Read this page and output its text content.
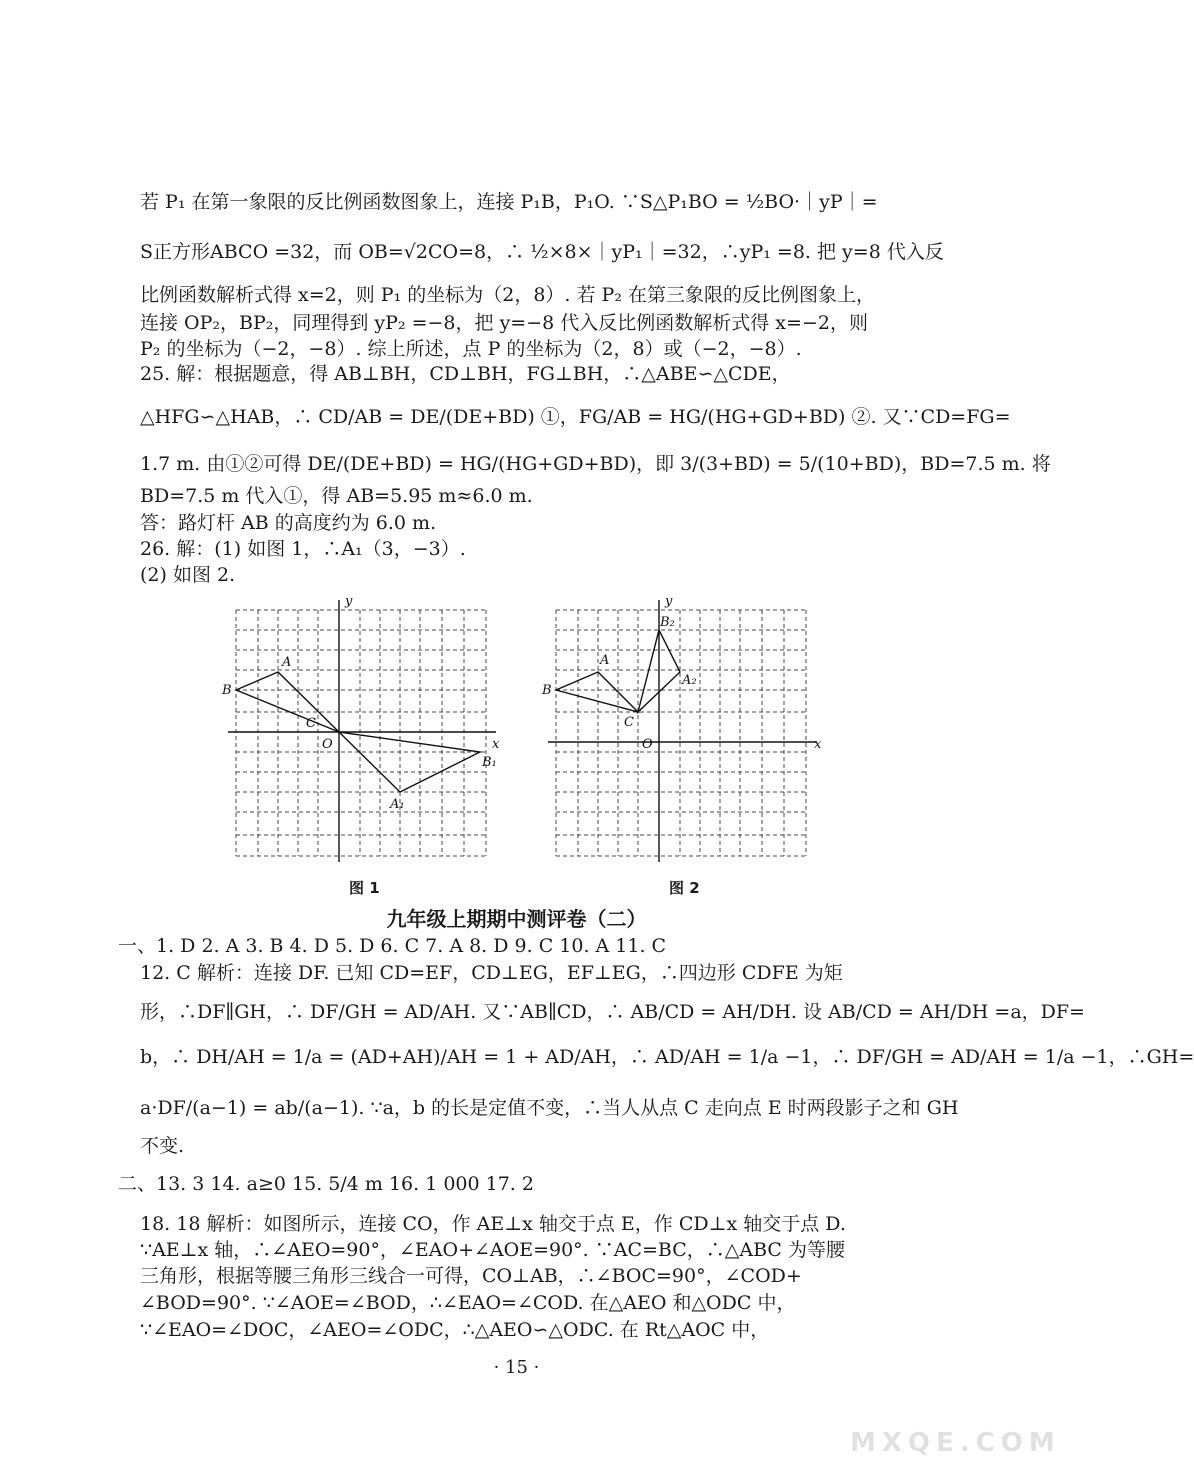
若 P₁ 在第一象限的反比例函数图象上，连接 P₁B，P₁O. ∵S△P₁BO = ½BO·｜yP｜=
S正方形ABCO =32，而 OB=√2CO=8，∴ ½×8×｜yP₁｜=32，∴yP₁ =8. 把 y=8 代入反
比例函数解析式得 x=2，则 P₁ 的坐标为（2，8）. 若 P₂ 在第三象限的反比例图象上，
连接 OP₂，BP₂，同理得到 yP₂ =−8，把 y=−8 代入反比例函数解析式得 x=−2，则
P₂ 的坐标为（−2，−8）. 综上所述，点 P 的坐标为（2，8）或（−2，−8）.
25. 解：根据题意，得 AB⊥BH，CD⊥BH，FG⊥BH，∴△ABE∽△CDE，
△HFG∽△HAB，∴ CD/AB = DE/(DE+BD) ①，FG/AB = HG/(HG+GD+BD) ②. 又∵CD=FG=
1.7 m. 由①②可得 DE/(DE+BD) = HG/(HG+GD+BD)，即 3/(3+BD) = 5/(10+BD)，BD=7.5 m. 将
BD=7.5 m 代入①，得 AB=5.95 m≈6.0 m.
答：路灯杆 AB 的高度约为 6.0 m.
26. 解：(1) 如图 1，∴A₁（3，−3）.
(2) 如图 2.
A
B
C
O
A₁
B₁
x
y
图 1
A
B
C
O
A₂
B₂
x
y
图 2
九年级上期期中测评卷（二）
一、1. D 2. A 3. B 4. D 5. D 6. C 7. A 8. D 9. C 10. A 11. C
12. C 解析：连接 DF. 已知 CD=EF，CD⊥EG，EF⊥EG，∴四边形 CDFE 为矩
形，∴DF∥GH，∴ DF/GH = AD/AH. 又∵AB∥CD，∴ AB/CD = AH/DH. 设 AB/CD = AH/DH =a，DF=
b，∴ DH/AH = 1/a = (AD+AH)/AH = 1 + AD/AH，∴ AD/AH = 1/a −1，∴ DF/GH = AD/AH = 1/a −1，∴GH=
a·DF/(a−1) = ab/(a−1). ∵a，b 的长是定值不变，∴当人从点 C 走向点 E 时两段影子之和 GH
不变.
二、13. 3 14. a≥0 15. 5/4 m 16. 1 000 17. 2
18. 18 解析：如图所示，连接 CO，作 AE⊥x 轴交于点 E，作 CD⊥x 轴交于点 D.
∵AE⊥x 轴，∴∠AEO=90°，∠EAO+∠AOE=90°. ∵AC=BC，∴△ABC 为等腰
三角形，根据等腰三角形三线合一可得，CO⊥AB，∴∠BOC=90°，∠COD+
∠BOD=90°. ∵∠AOE=∠BOD，∴∠EAO=∠COD. 在△AEO 和△ODC 中，
∵∠EAO=∠DOC，∠AEO=∠ODC，∴△AEO∽△ODC. 在 Rt△AOC 中，
· 15 ·
MXQE.COM
